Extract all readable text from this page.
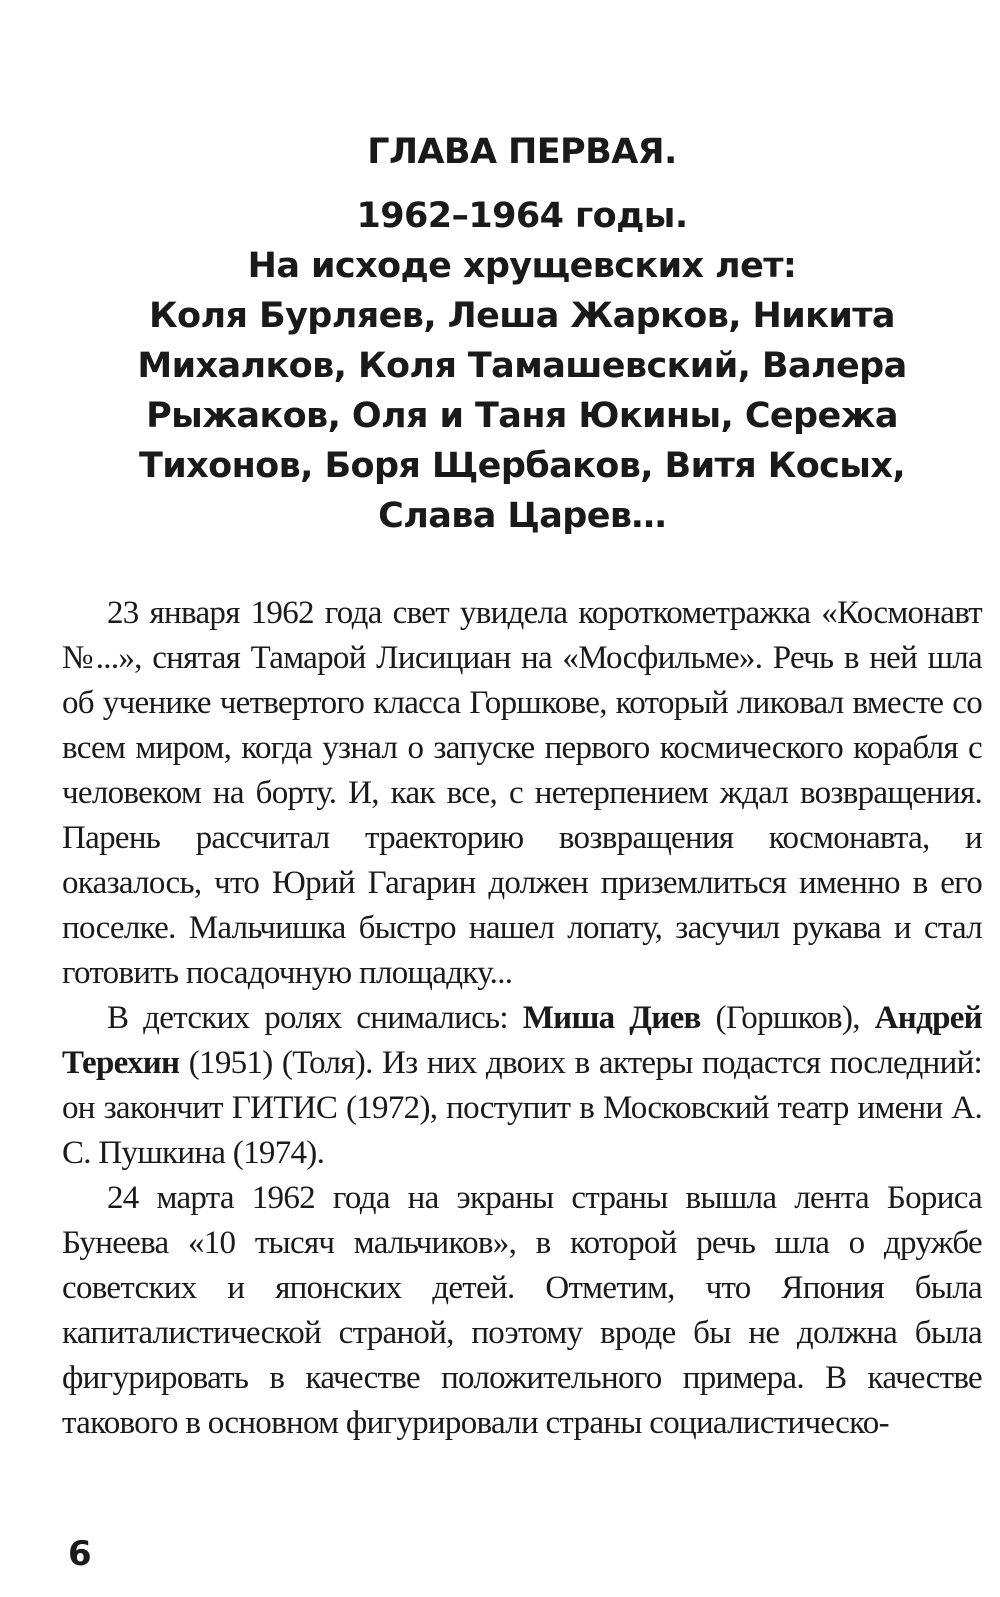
ГЛАВА ПЕРВАЯ.
1962–1964 годы.
На исходе хрущевских лет:
Коля Бурляев, Леша Жарков, Никита
Михалков, Коля Тамашевский, Валера
Рыжаков, Оля и Таня Юкины, Сережа
Тихонов, Боря Щербаков, Витя Косых,
Слава Царев…

23 января 1962 года свет увидела короткометражка «Космонавт №...», снятая Тамарой Лисициан на «Мосфильме». Речь в ней шла об ученике четвертого класса Горшкове, который ликовал вместе со всем миром, когда узнал о запуске первого космического корабля с человеком на борту. И, как все, с нетерпением ждал возвращения. Парень рассчитал траекторию возвращения космонавта, и оказалось, что Юрий Гагарин должен приземлиться именно в его поселке. Мальчишка быстро нашел лопату, засучил рукава и стал готовить посадочную площадку...

В детских ролях снимались: Миша Диев (Горшков), Андрей Терехин (1951) (Толя). Из них двоих в актеры подастся последний: он закончит ГИТИС (1972), поступит в Московский театр имени А. С. Пушкина (1974).

24 марта 1962 года на экраны страны вышла лента Бориса Бунеева «10 тысяч мальчиков», в которой речь шла о дружбе советских и японских детей. Отметим, что Япония была капиталистической страной, поэтому вроде бы не должна была фигурировать в качестве положительного примера. В качестве такового в основном фигурировали страны социалистическо-

6
